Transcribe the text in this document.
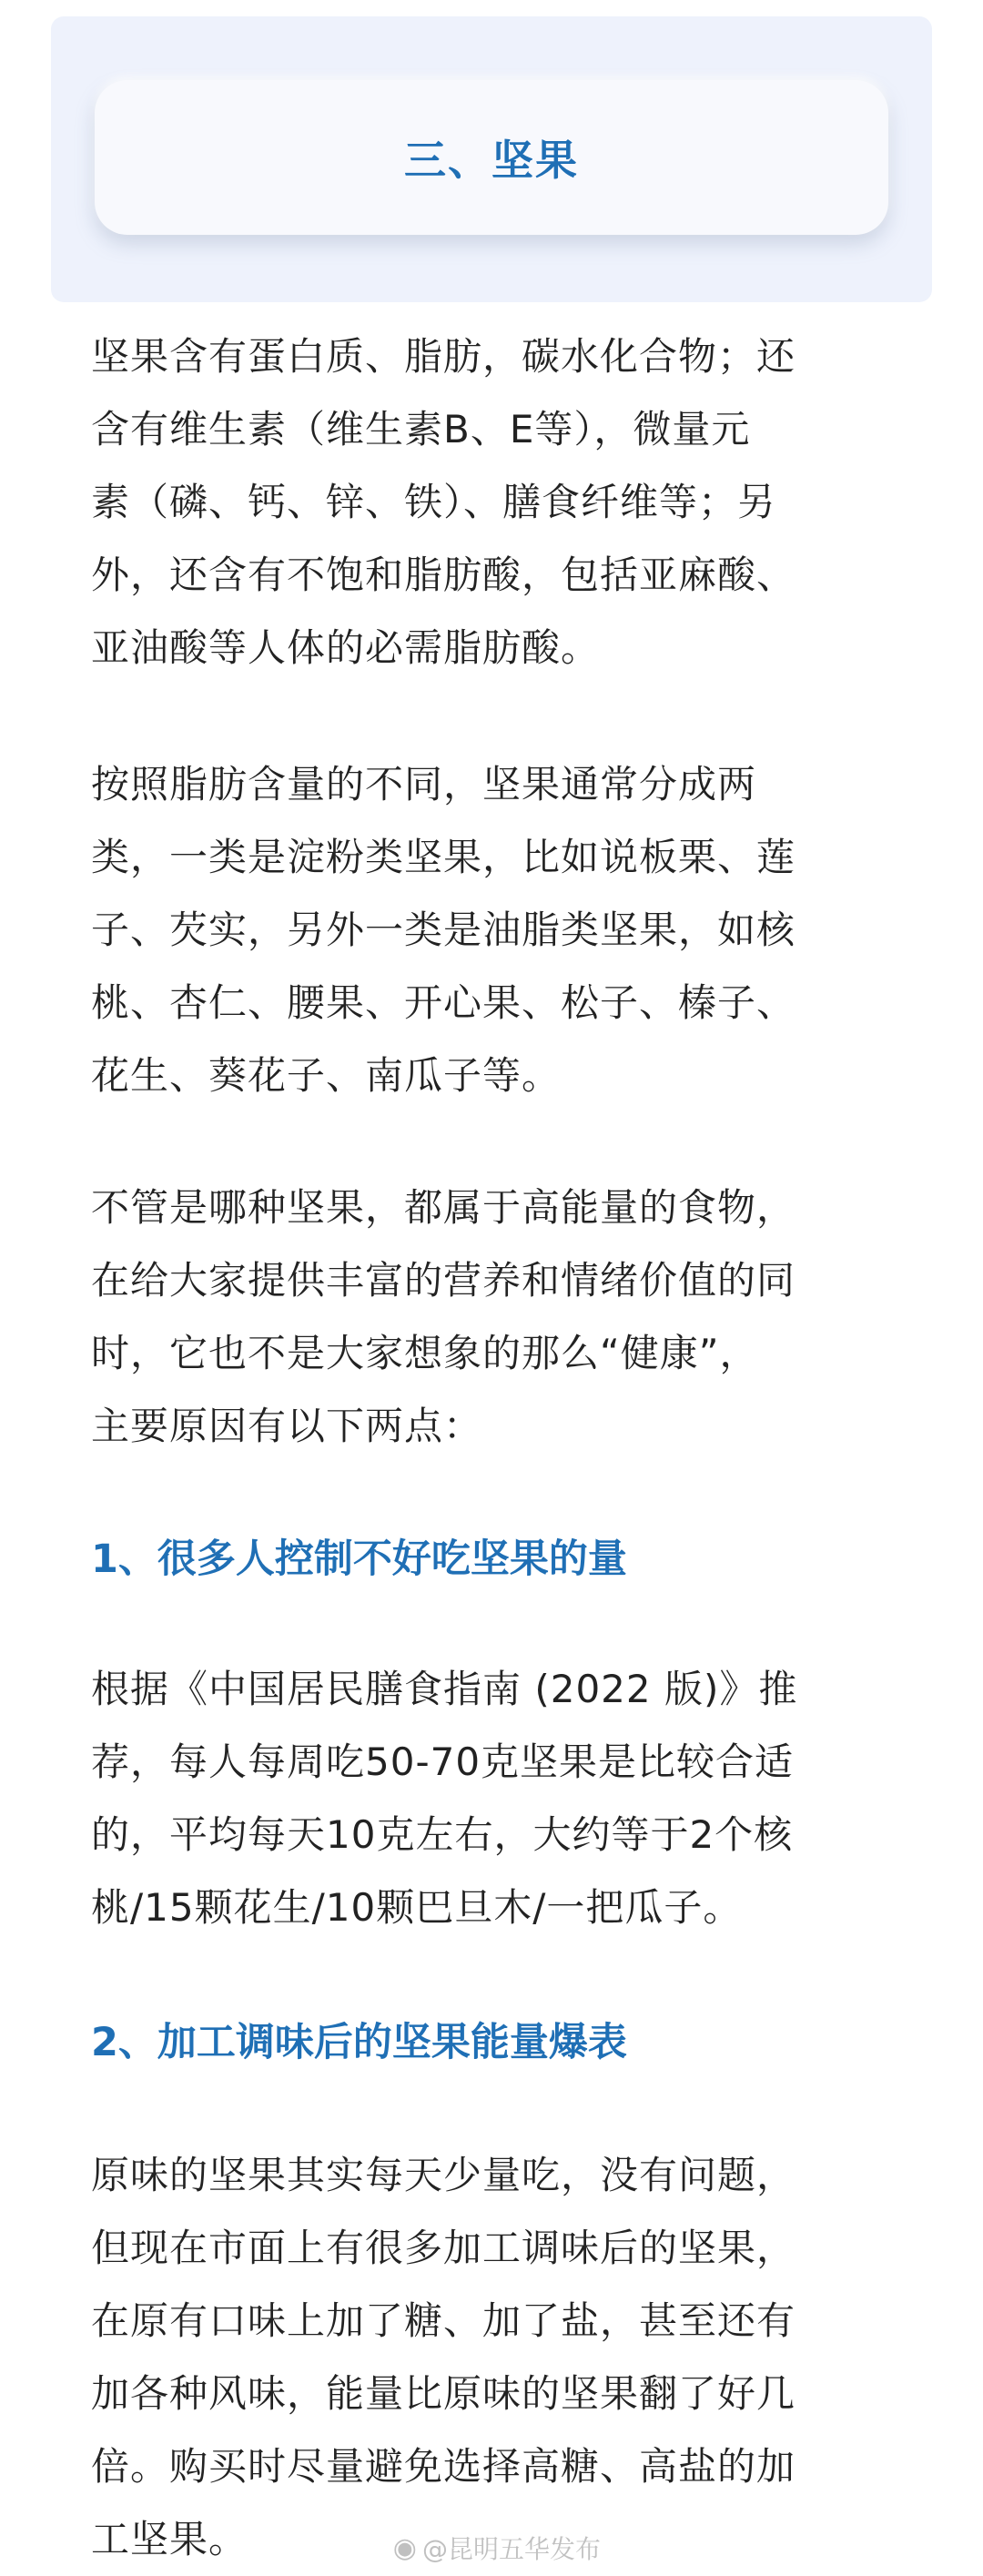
三、坚果

坚果含有蛋白质、脂肪，碳水化合物；还
含有维生素（维生素B、E等），微量元
素（磷、钙、锌、铁）、膳食纤维等；另
外，还含有不饱和脂肪酸，包括亚麻酸、
亚油酸等人体的必需脂肪酸。

按照脂肪含量的不同，坚果通常分成两
类，一类是淀粉类坚果，比如说板栗、莲
子、芡实，另外一类是油脂类坚果，如核
桃、杏仁、腰果、开心果、松子、榛子、
花生、葵花子、南瓜子等。

不管是哪种坚果，都属于高能量的食物，
在给大家提供丰富的营养和情绪价值的同
时，它也不是大家想象的那么“健康”，
主要原因有以下两点：

1、很多人控制不好吃坚果的量

根据《中国居民膳食指南 (2022 版)》推
荐，每人每周吃50-70克坚果是比较合适
的，平均每天10克左右，大约等于2个核
桃/15颗花生/10颗巴旦木/一把瓜子。

2、加工调味后的坚果能量爆表

原味的坚果其实每天少量吃，没有问题，
但现在市面上有很多加工调味后的坚果，
在原有口味上加了糖、加了盐，甚至还有
加各种风味，能量比原味的坚果翻了好几
倍。购买时尽量避免选择高糖、高盐的加
工坚果。	◉ @昆明五华发布
